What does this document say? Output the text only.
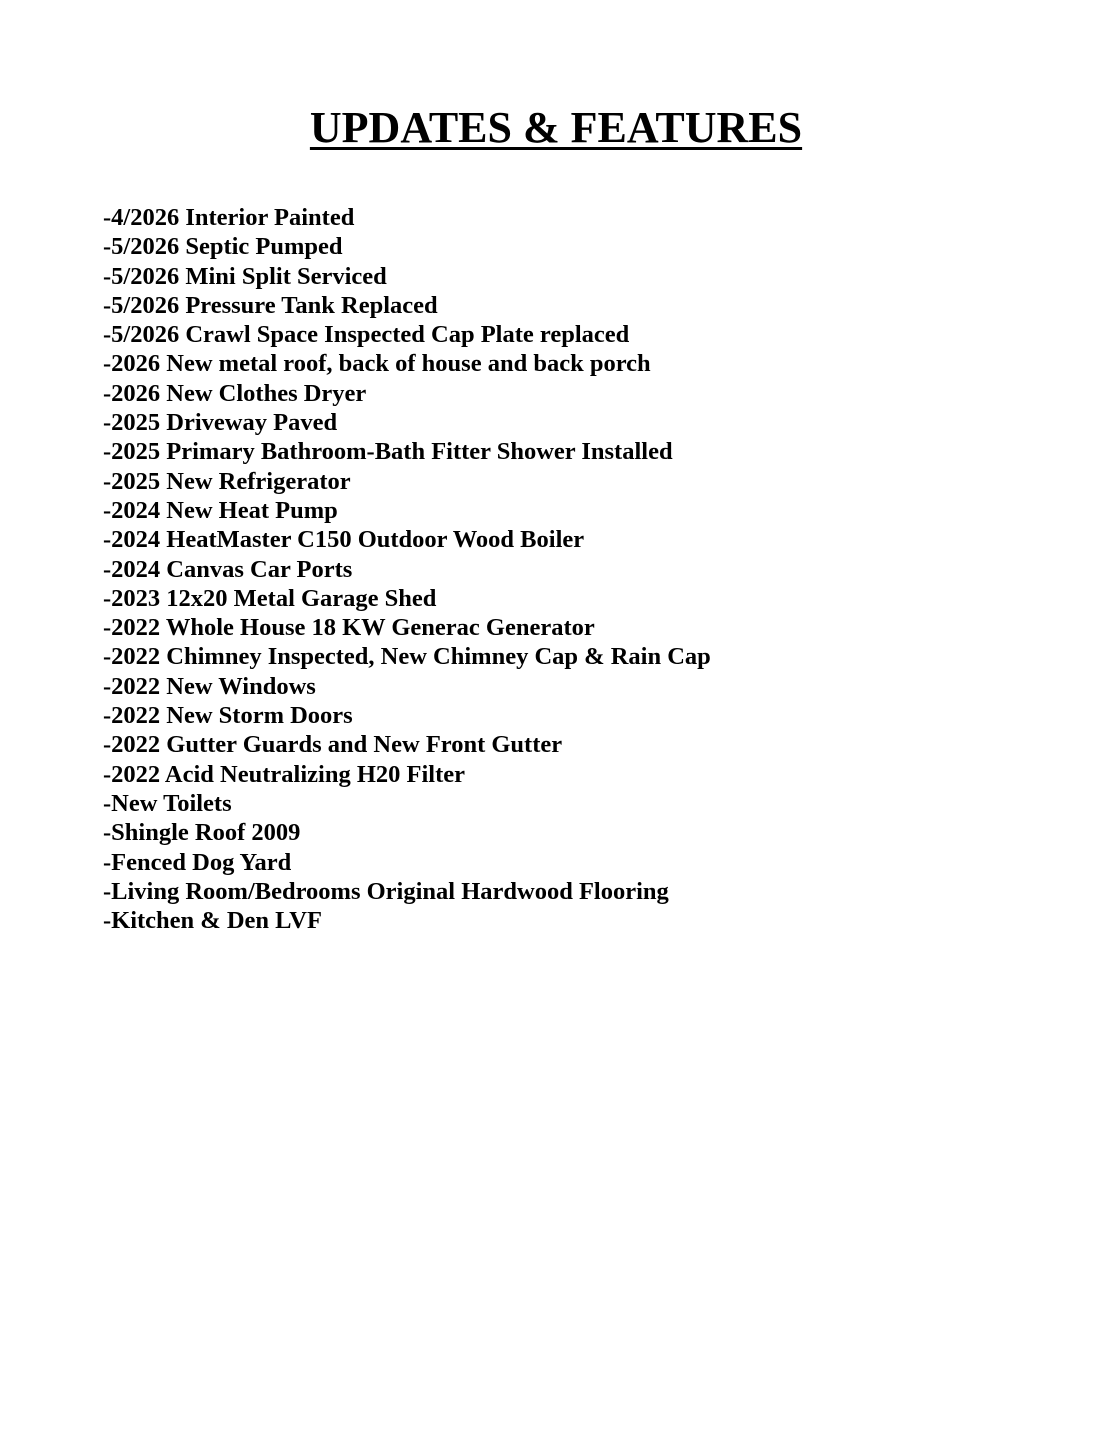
UPDATES & FEATURES
-4/2026 Interior Painted
-5/2026 Septic Pumped
-5/2026 Mini Split Serviced
-5/2026 Pressure Tank Replaced
-5/2026 Crawl Space Inspected Cap Plate replaced
-2026 New metal roof, back of house and back porch
-2026 New Clothes Dryer
-2025 Driveway Paved
-2025 Primary Bathroom-Bath Fitter Shower Installed
-2025 New Refrigerator
-2024 New Heat Pump
-2024 HeatMaster C150 Outdoor Wood Boiler
-2024 Canvas Car Ports
-2023 12x20 Metal Garage Shed
-2022 Whole House 18 KW Generac Generator
-2022 Chimney Inspected, New Chimney Cap & Rain Cap
-2022 New Windows
-2022 New Storm Doors
-2022 Gutter Guards and New Front Gutter
-2022 Acid Neutralizing H20 Filter
-New Toilets
-Shingle Roof 2009
-Fenced Dog Yard
-Living Room/Bedrooms Original Hardwood Flooring
-Kitchen & Den LVF
